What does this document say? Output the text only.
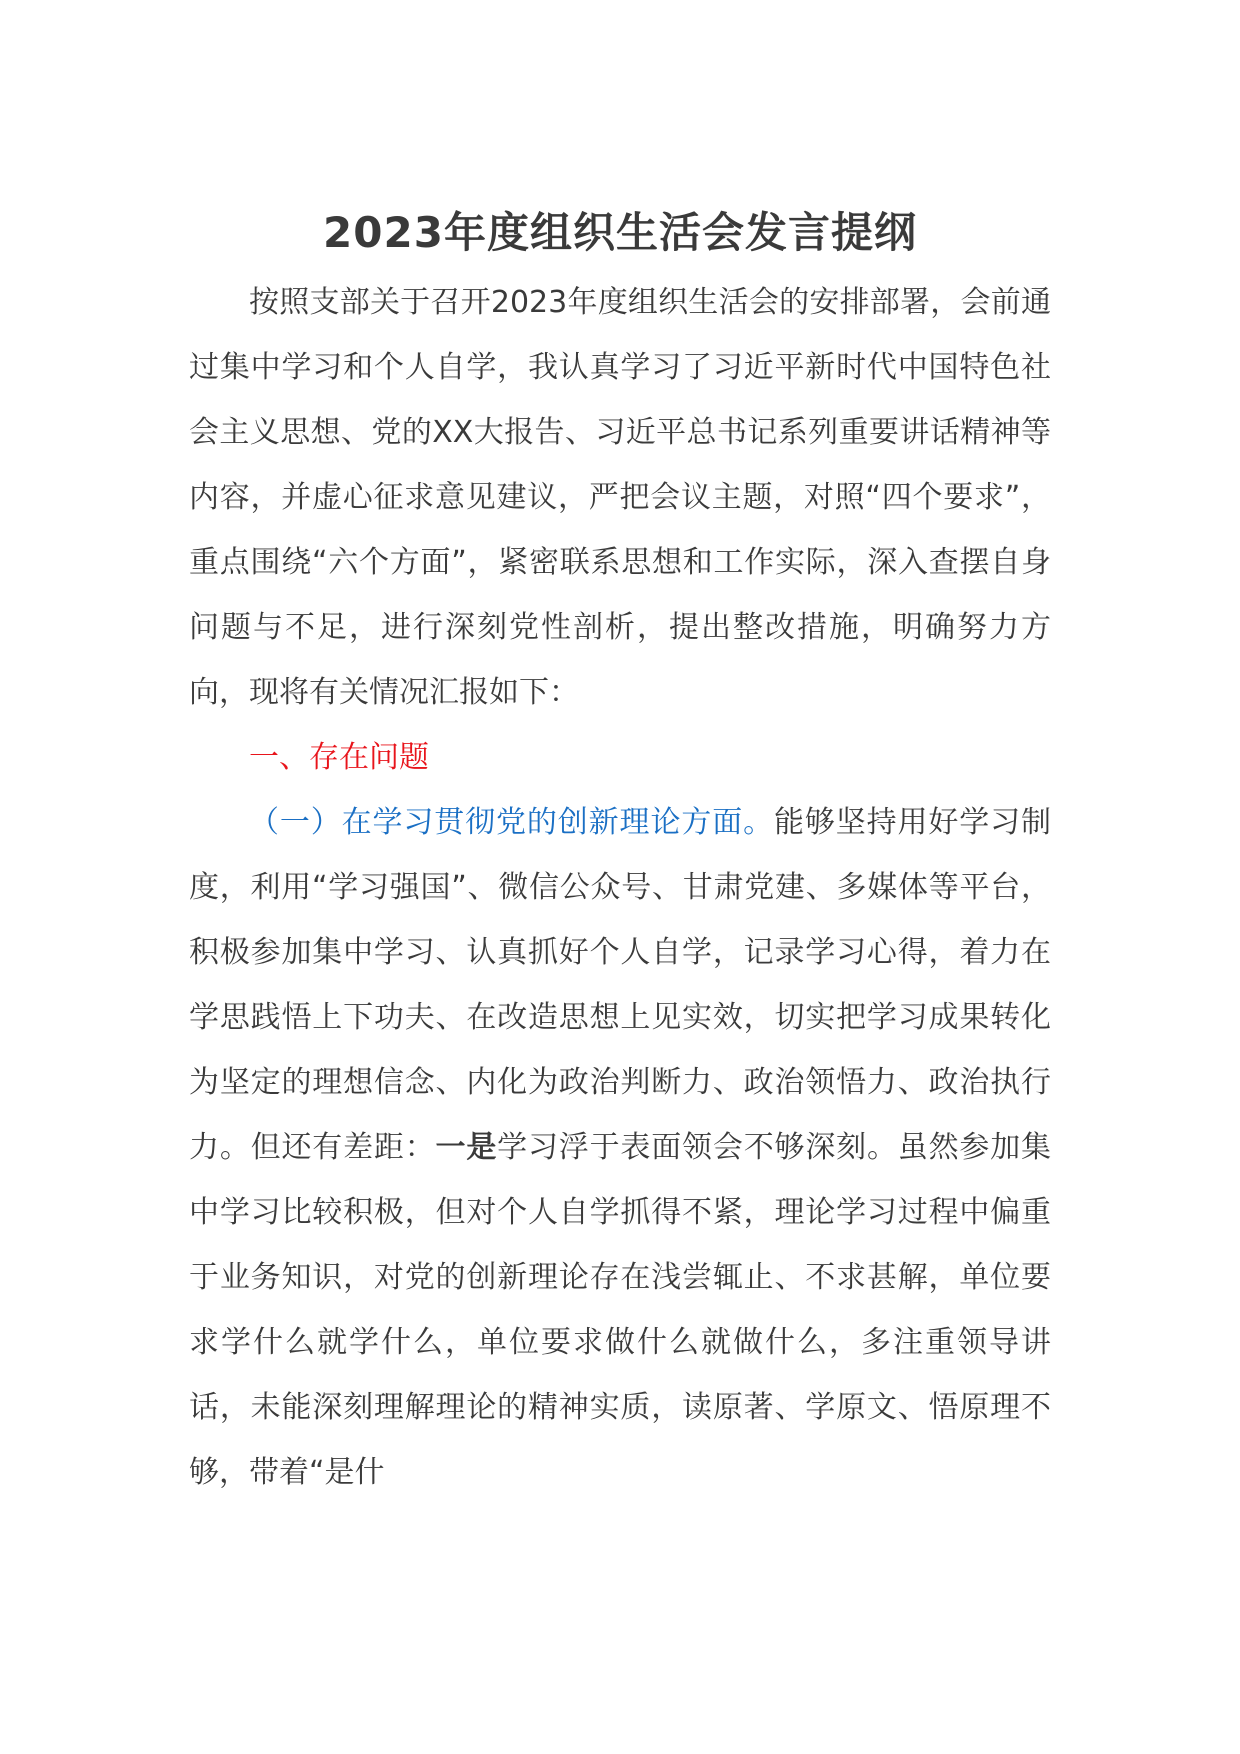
2023年度组织生活会发言提纲

按照支部关于召开2023年度组织生活会的安排部署，会前通过集中学习和个人自学，我认真学习了习近平新时代中国特色社会主义思想、党的XX大报告、习近平总书记系列重要讲话精神等内容，并虚心征求意见建议，严把会议主题，对照“四个要求”，重点围绕“六个方面”，紧密联系思想和工作实际，深入查摆自身问题与不足，进行深刻党性剖析，提出整改措施，明确努力方向，现将有关情况汇报如下：

一、存在问题

（一）在学习贯彻党的创新理论方面。能够坚持用好学习制度，利用“学习强国”、微信公众号、甘肃党建、多媒体等平台，积极参加集中学习、认真抓好个人自学，记录学习心得，着力在学思践悟上下功夫、在改造思想上见实效，切实把学习成果转化为坚定的理想信念、内化为政治判断力、政治领悟力、政治执行力。但还有差距：一是学习浮于表面领会不够深刻。虽然参加集中学习比较积极，但对个人自学抓得不紧，理论学习过程中偏重于业务知识，对党的创新理论存在浅尝辄止、不求甚解，单位要求学什么就学什么，单位要求做什么就做什么，多注重领导讲话，未能深刻理解理论的精神实质，读原著、学原文、悟原理不够，带着“是什
